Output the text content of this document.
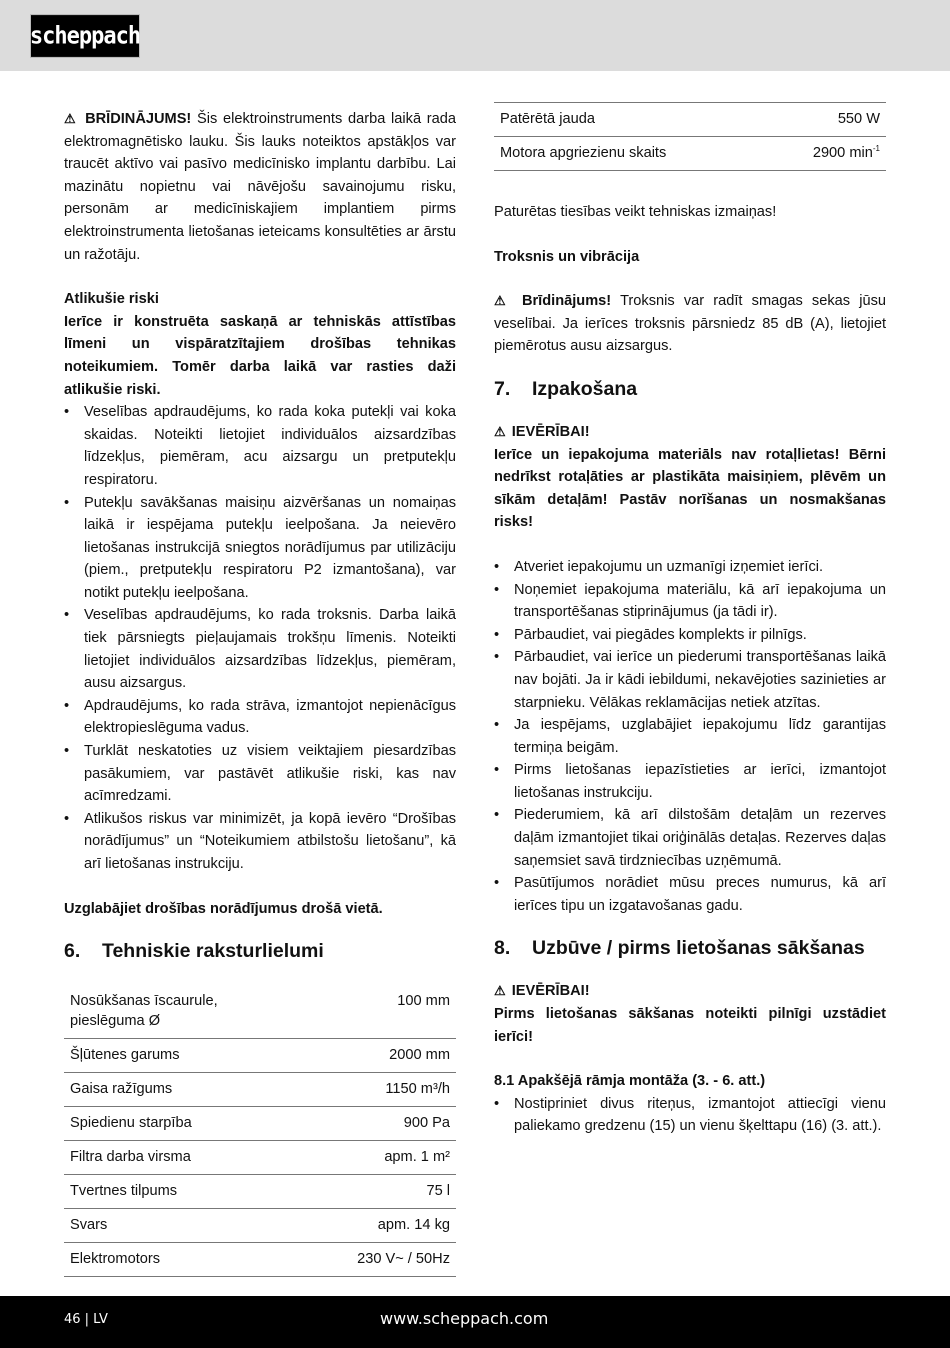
scheppach

⚠ BRĪDINĀJUMS! Šis elektroinstruments darba laikā rada elektromagnētisko lauku. Šis lauks noteiktos apstākļos var traucēt aktīvo vai pasīvo medicīnisko implantu darbību. Lai mazinātu nopietnu vai nāvējošu savainojumu risku, personām ar medicīniskajiem implantiem pirms elektroinstrumenta lietošanas ieteicams konsultēties ar ārstu un ražotāju.

Atlikušie riski

Ierīce ir konstruēta saskaņā ar tehniskās attīstības līmeni un vispāratzītajiem drošības tehnikas noteikumiem. Tomēr darba laikā var rasties daži atlikušie riski.

• Veselības apdraudējums, ko rada koka putekļi vai koka skaidas. Noteikti lietojiet individuālos aizsardzības līdzekļus, piemēram, acu aizsargu un pretputekļu respiratoru.
• Putekļu savākšanas maisiņu aizvēršanas un nomaiņas laikā ir iespējama putekļu ieelpošana. Ja neievēro lietošanas instrukcijā sniegtos norādījumus par utilizāciju (piem., pretputekļu respiratoru P2 izmantošana), var notikt putekļu ieelpošana.
• Veselības apdraudējums, ko rada troksnis. Darba laikā tiek pārsniegts pieļaujamais trokšņu līmenis. Noteikti lietojiet individuālos aizsardzības līdzekļus, piemēram, ausu aizsargus.
• Apdraudējums, ko rada strāva, izmantojot nepienācīgus elektropieslēguma vadus.
• Turklāt neskatoties uz visiem veiktajiem piesardzības pasākumiem, var pastāvēt atlikušie riski, kas nav acīmredzami.
• Atlikušos riskus var minimizēt, ja kopā ievēro “Drošības norādījumus” un “Noteikumiem atbilstošu lietošanu”, kā arī lietošanas instrukciju.

Uzglabājiet drošības norādījumus drošā vietā.

6.	Tehniskie raksturlielumi
Nosūkšanas īscaurule, pieslēguma Ø	100 mm
Šļūtenes garums	2000 mm
Gaisa ražīgums	1150 m³/h
Spiedienu starpība	900 Pa
Filtra darba virsma	apm. 1 m²
Tvertnes tilpums	75 l
Svars	apm. 14 kg
Elektromotors	230 V~ / 50Hz
Patērētā jauda	550 W
Motora apgriezienu skaits	2900 $\min^{-1}$

Paturētas tiesības veikt tehniskas izmaiņas!

Troksnis un vibrācija

⚠ Brīdinājums! Troksnis var radīt smagas sekas jūsu veselībai. Ja ierīces troksnis pārsniedz 85 dB (A), lietojiet piemērotus ausu aizsargus.

7.	Izpakošana

⚠ IEVĒRĪBAI!

Ierīce un iepakojuma materiāls nav rotaļlietas! Bērni nedrīkst rotaļāties ar plastikāta maisiņiem, plēvēm un sīkām detaļām! Pastāv norīšanas un nosmakšanas risks!

• Atveriet iepakojumu un uzmanīgi izņemiet ierīci.
• Noņemiet iepakojuma materiālu, kā arī iepakojuma un transportēšanas stiprinājumus (ja tādi ir).
• Pārbaudiet, vai piegādes komplekts ir pilnīgs.
• Pārbaudiet, vai ierīce un piederumi transportēšanas laikā nav bojāti. Ja ir kādi iebildumi, nekavējoties sazinieties ar starpnieku. Vēlākas reklamācijas netiek atzītas.
• Ja iespējams, uzglabājiet iepakojumu līdz garantijas termiņa beigām.
• Pirms lietošanas iepazīstieties ar ierīci, izmantojot lietošanas instrukciju.
• Piederumiem, kā arī dilstošām detaļām un rezerves daļām izmantojiet tikai oriģinālās detaļas. Rezerves daļas saņemsiet savā tirdzniecības uzņēmumā.
• Pasūtījumos norādiet mūsu preces numurus, kā arī ierīces tipu un izgatavošanas gadu.
8.	Uzbūve / pirms lietošanas sākšanas

⚠ IEVĒRĪBAI!

Pirms lietošanas sākšanas noteikti pilnīgi uzstādiet ierīci!

8.1 Apakšējā rāmja montāža (3. - 6. att.)

• Nostipriniet divus riteņus, izmantojot attiecīgi vienu paliekamo gredzenu (15) un vienu šķelttapu (16) (3. att.).
46 | LV	www.scheppach.com
